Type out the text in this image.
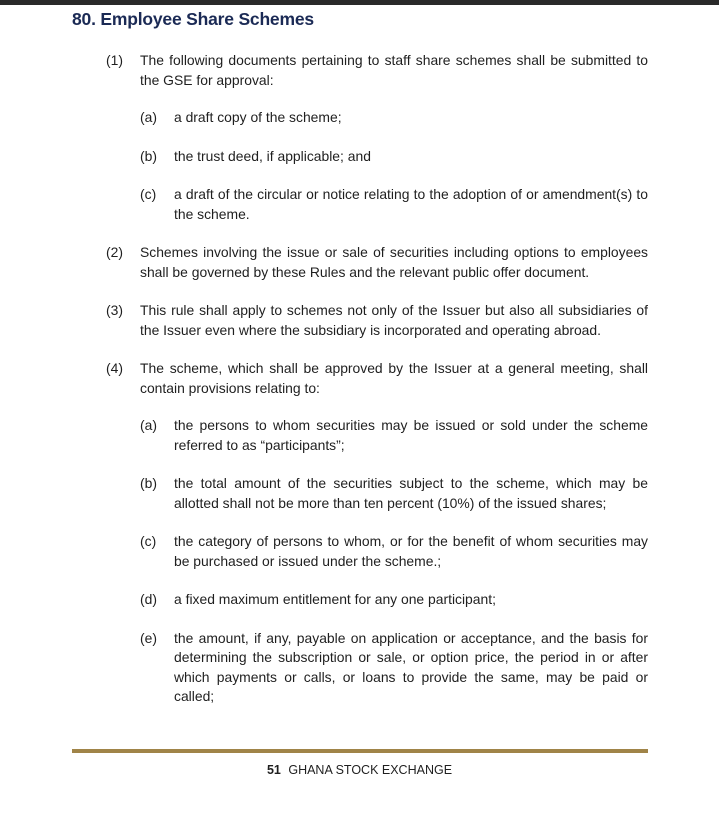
80. Employee Share Schemes
(1) The following documents pertaining to staff share schemes shall be submitted to the GSE for approval:
(a) a draft copy of the scheme;
(b) the trust deed, if applicable; and
(c) a draft of the circular or notice relating to the adoption of or amendment(s) to the scheme.
(2) Schemes involving the issue or sale of securities including options to employees shall be governed by these Rules and the relevant public offer document.
(3) This rule shall apply to schemes not only of the Issuer but also all subsidiaries of the Issuer even where the subsidiary is incorporated and operating abroad.
(4) The scheme, which shall be approved by the Issuer at a general meeting, shall contain provisions relating to:
(a) the persons to whom securities may be issued or sold under the scheme referred to as “participants”;
(b) the total amount of the securities subject to the scheme, which may be allotted shall not be more than ten percent (10%) of the issued shares;
(c) the category of persons to whom, or for the benefit of whom securities may be purchased or issued under the scheme.;
(d) a fixed maximum entitlement for any one participant;
(e) the amount, if any, payable on application or acceptance, and the basis for determining the subscription or sale, or option price, the period in or after which payments or calls, or loans to provide the same, may be paid or called;
51 GHANA STOCK EXCHANGE
